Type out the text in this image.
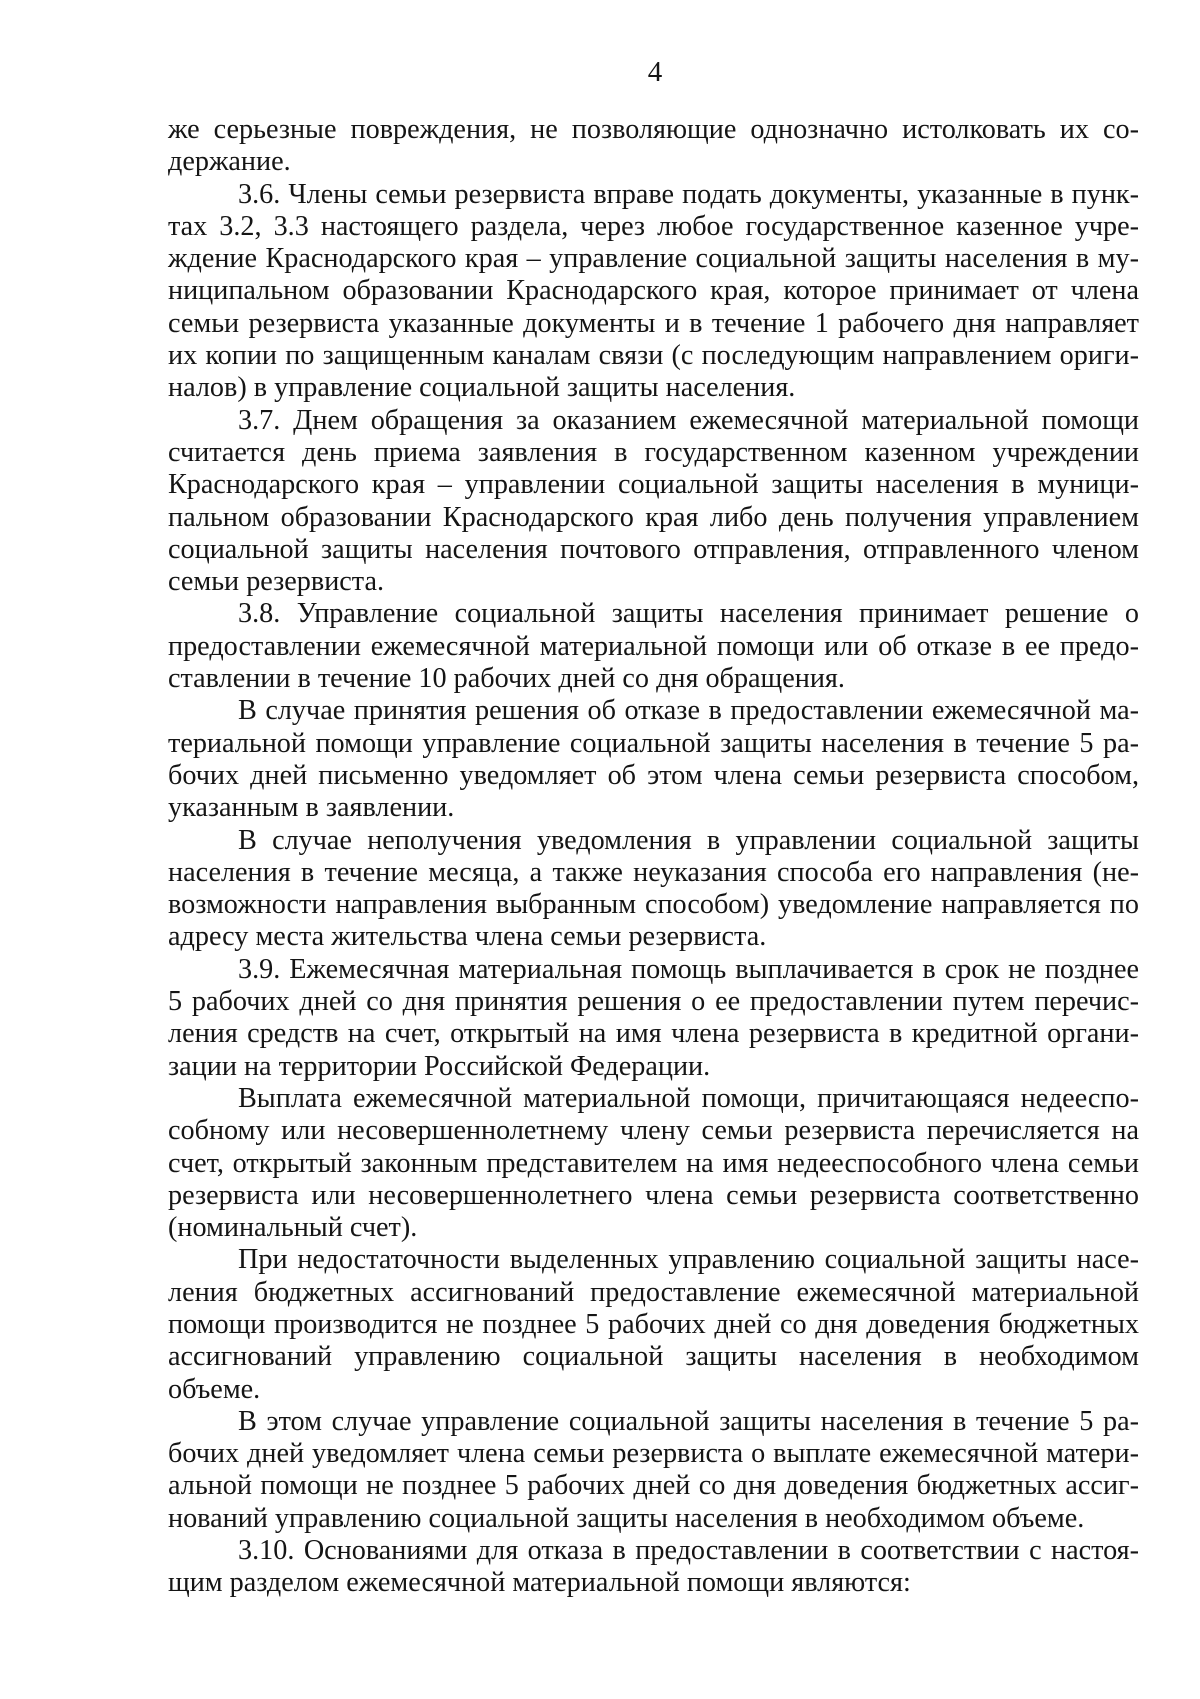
4

же серьезные повреждения, не позволяющие однозначно истолковать их содержание.

3.6. Члены семьи резервиста вправе подать документы, указанные в пунктах 3.2, 3.3 настоящего раздела, через любое государственное казенное учреждение Краснодарского края – управление социальной защиты населения в муниципальном образовании Краснодарского края, которое принимает от члена семьи резервиста указанные документы и в течение 1 рабочего дня направляет их копии по защищенным каналам связи (с последующим направлением оригиналов) в управление социальной защиты населения.

3.7. Днем обращения за оказанием ежемесячной материальной помощи считается день приема заявления в государственном казенном учреждении Краснодарского края – управлении социальной защиты населения в муниципальном образовании Краснодарского края либо день получения управлением социальной защиты населения почтового отправления, отправленного членом семьи резервиста.

3.8. Управление социальной защиты населения принимает решение о предоставлении ежемесячной материальной помощи или об отказе в ее предоставлении в течение 10 рабочих дней со дня обращения.

В случае принятия решения об отказе в предоставлении ежемесячной материальной помощи управление социальной защиты населения в течение 5 рабочих дней письменно уведомляет об этом члена семьи резервиста способом, указанным в заявлении.

В случае неполучения уведомления в управлении социальной защиты населения в течение месяца, а также неуказания способа его направления (невозможности направления выбранным способом) уведомление направляется по адресу места жительства члена семьи резервиста.

3.9. Ежемесячная материальная помощь выплачивается в срок не позднее 5 рабочих дней со дня принятия решения о ее предоставлении путем перечисления средств на счет, открытый на имя члена резервиста в кредитной организации на территории Российской Федерации.

Выплата ежемесячной материальной помощи, причитающаяся недееспособному или несовершеннолетнему члену семьи резервиста перечисляется на счет, открытый законным представителем на имя недееспособного члена семьи резервиста или несовершеннолетнего члена семьи резервиста соответственно (номинальный счет).

При недостаточности выделенных управлению социальной защиты населения бюджетных ассигнований предоставление ежемесячной материальной помощи производится не позднее 5 рабочих дней со дня доведения бюджетных ассигнований управлению социальной защиты населения в необходимом объеме.

В этом случае управление социальной защиты населения в течение 5 рабочих дней уведомляет члена семьи резервиста о выплате ежемесячной материальной помощи не позднее 5 рабочих дней со дня доведения бюджетных ассигнований управлению социальной защиты населения в необходимом объеме.

3.10. Основаниями для отказа в предоставлении в соответствии с настоящим разделом ежемесячной материальной помощи являются:
